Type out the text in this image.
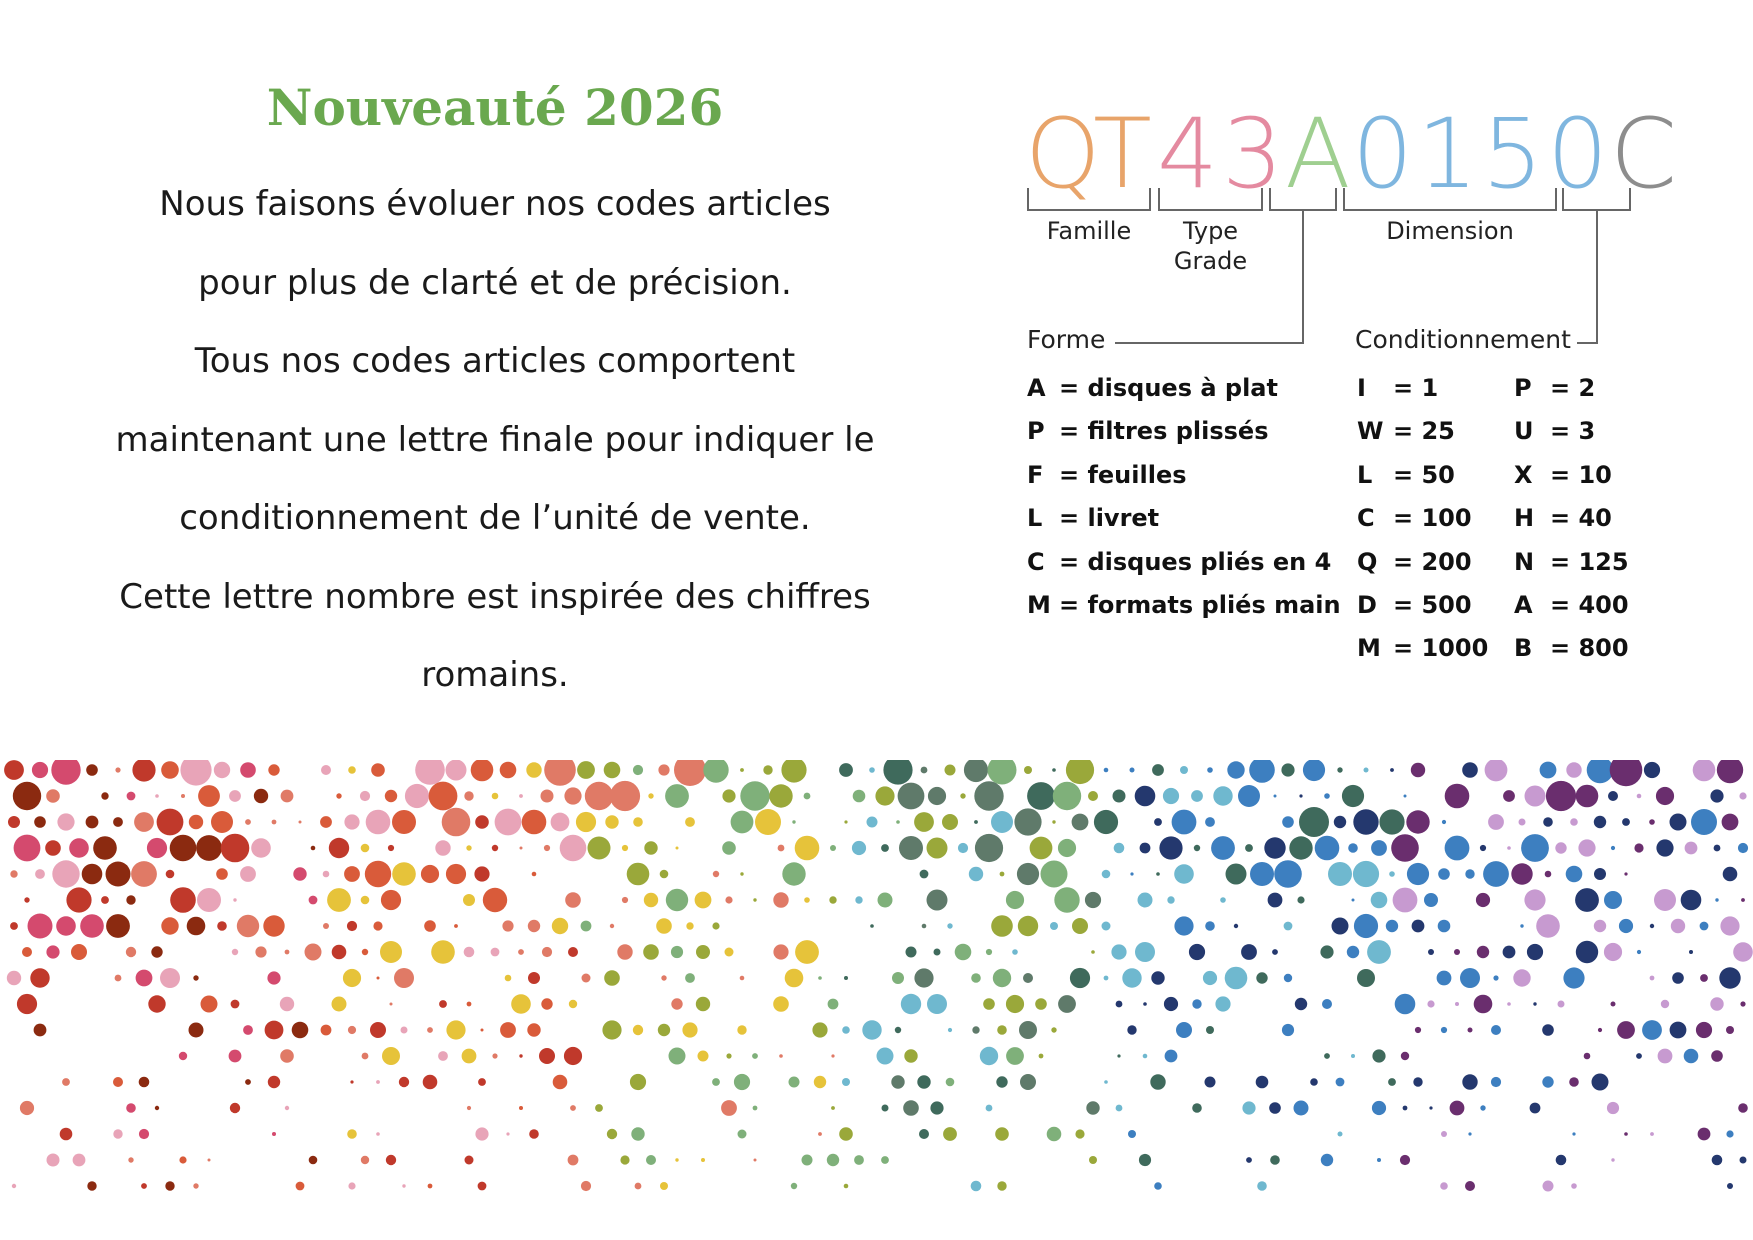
Nouveauté 2026
Nous faisons évoluer nos codes articles
pour plus de clarté et de précision.
Tous nos codes articles comportent
maintenant une lettre finale pour indiquer le
conditionnement de l’unité de vente.
Cette lettre nombre est inspirée des chiffres
romains.
QT43A0150C
Famille	Type
Grade
Dimension
Forme	Conditionnement
A = disques à plat
P = filtres plissés
F = feuilles
L = livret
C = disques pliés en 4
M = formats pliés main
I = 1
W = 25
L = 50
C = 100
Q = 200
D = 500
M = 1000
P = 2
U = 3
X = 10
H = 40
N = 125
A = 400
B = 800
